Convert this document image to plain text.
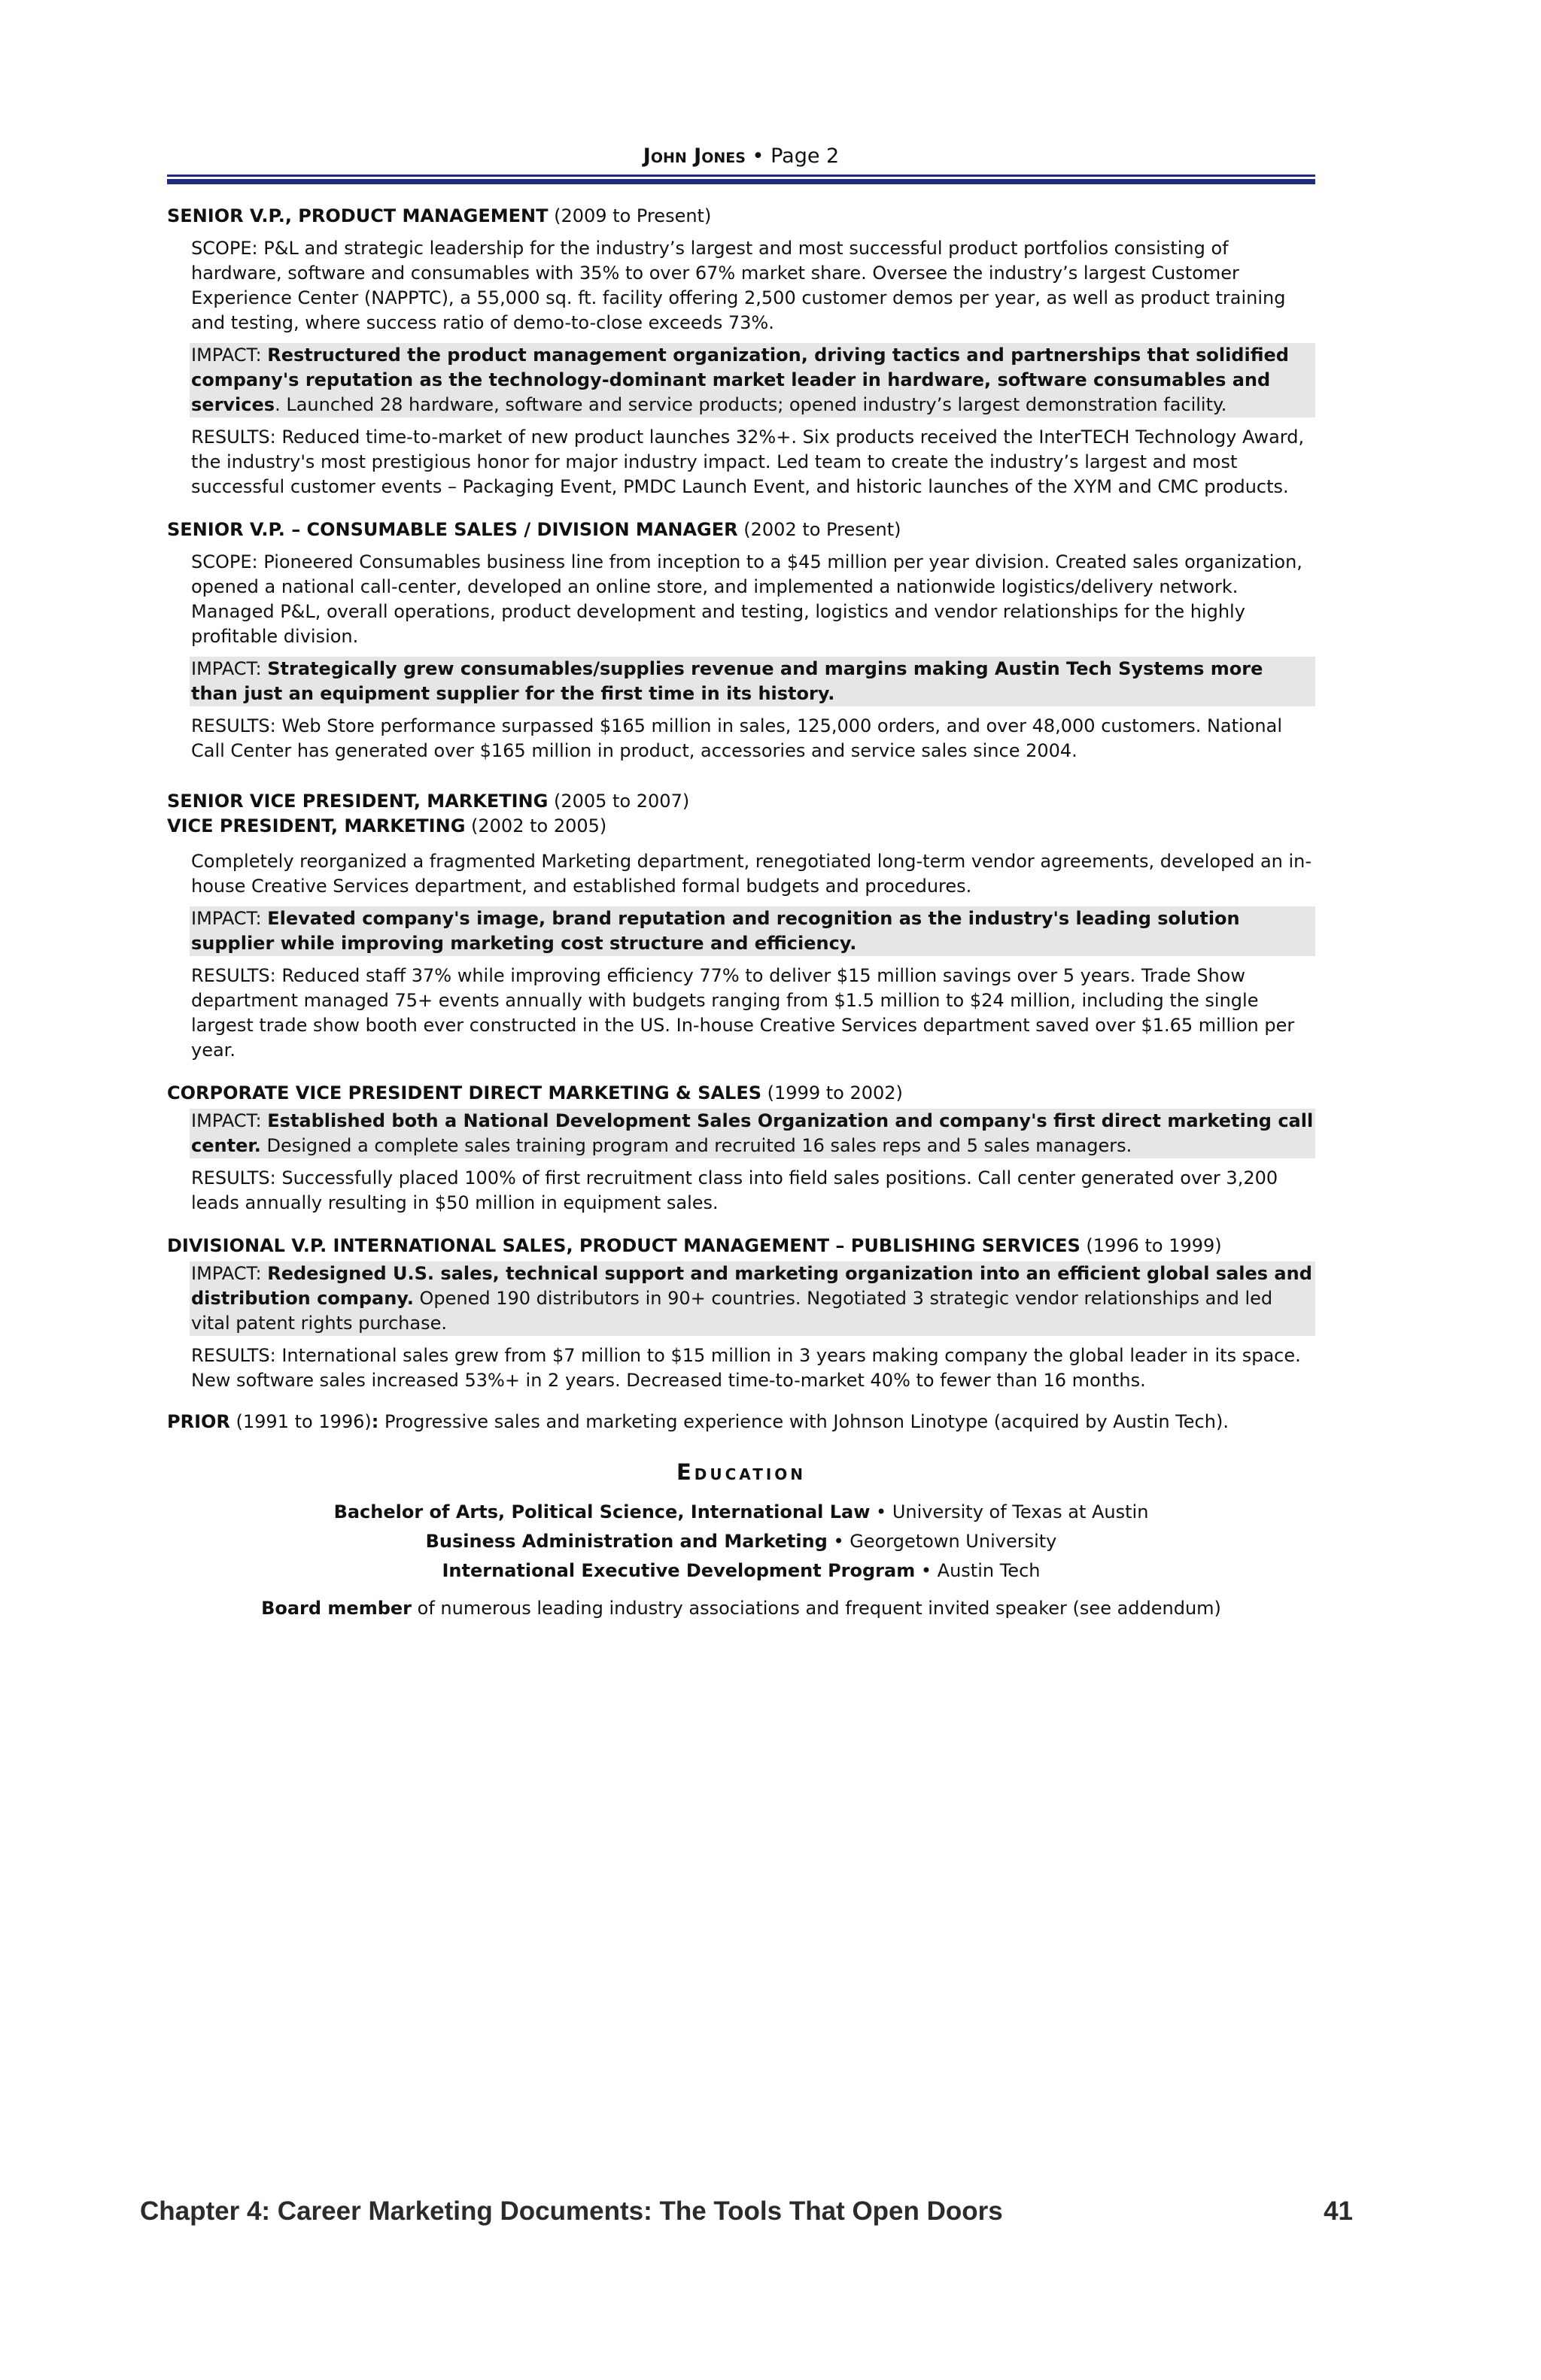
John Jones • Page 2
SENIOR V.P., PRODUCT MANAGEMENT (2009 to Present)
SCOPE: P&L and strategic leadership for the industry’s largest and most successful product portfolios consisting of hardware, software and consumables with 35% to over 67% market share. Oversee the industry’s largest Customer Experience Center (NAPPTC), a 55,000 sq. ft. facility offering 2,500 customer demos per year, as well as product training and testing, where success ratio of demo-to-close exceeds 73%.
IMPACT: Restructured the product management organization, driving tactics and partnerships that solidified company's reputation as the technology-dominant market leader in hardware, software consumables and services. Launched 28 hardware, software and service products; opened industry’s largest demonstration facility.
RESULTS: Reduced time-to-market of new product launches 32%+. Six products received the InterTECH Technology Award, the industry's most prestigious honor for major industry impact. Led team to create the industry’s largest and most successful customer events – Packaging Event, PMDC Launch Event, and historic launches of the XYM and CMC products.
SENIOR V.P. – CONSUMABLE SALES / DIVISION MANAGER (2002 to Present)
SCOPE: Pioneered Consumables business line from inception to a $45 million per year division. Created sales organization, opened a national call-center, developed an online store, and implemented a nationwide logistics/delivery network. Managed P&L, overall operations, product development and testing, logistics and vendor relationships for the highly profitable division.
IMPACT: Strategically grew consumables/supplies revenue and margins making Austin Tech Systems more than just an equipment supplier for the first time in its history.
RESULTS: Web Store performance surpassed $165 million in sales, 125,000 orders, and over 48,000 customers. National Call Center has generated over $165 million in product, accessories and service sales since 2004.
SENIOR VICE PRESIDENT, MARKETING (2005 to 2007)
VICE PRESIDENT, MARKETING (2002 to 2005)
Completely reorganized a fragmented Marketing department, renegotiated long-term vendor agreements, developed an in-house Creative Services department, and established formal budgets and procedures.
IMPACT: Elevated company's image, brand reputation and recognition as the industry's leading solution supplier while improving marketing cost structure and efficiency.
RESULTS: Reduced staff 37% while improving efficiency 77% to deliver $15 million savings over 5 years. Trade Show department managed 75+ events annually with budgets ranging from $1.5 million to $24 million, including the single largest trade show booth ever constructed in the US. In-house Creative Services department saved over $1.65 million per year.
CORPORATE VICE PRESIDENT DIRECT MARKETING & SALES (1999 to 2002)
IMPACT: Established both a National Development Sales Organization and company's first direct marketing call center. Designed a complete sales training program and recruited 16 sales reps and 5 sales managers.
RESULTS: Successfully placed 100% of first recruitment class into field sales positions. Call center generated over 3,200 leads annually resulting in $50 million in equipment sales.
DIVISIONAL V.P. INTERNATIONAL SALES, PRODUCT MANAGEMENT – PUBLISHING SERVICES (1996 to 1999)
IMPACT: Redesigned U.S. sales, technical support and marketing organization into an efficient global sales and distribution company. Opened 190 distributors in 90+ countries. Negotiated 3 strategic vendor relationships and led vital patent rights purchase.
RESULTS: International sales grew from $7 million to $15 million in 3 years making company the global leader in its space. New software sales increased 53%+ in 2 years. Decreased time-to-market 40% to fewer than 16 months.
PRIOR (1991 to 1996): Progressive sales and marketing experience with Johnson Linotype (acquired by Austin Tech).
Education
Bachelor of Arts, Political Science, International Law • University of Texas at Austin
Business Administration and Marketing • Georgetown University
International Executive Development Program • Austin Tech
Board member of numerous leading industry associations and frequent invited speaker (see addendum)
Chapter 4: Career Marketing Documents: The Tools That Open Doors	41
